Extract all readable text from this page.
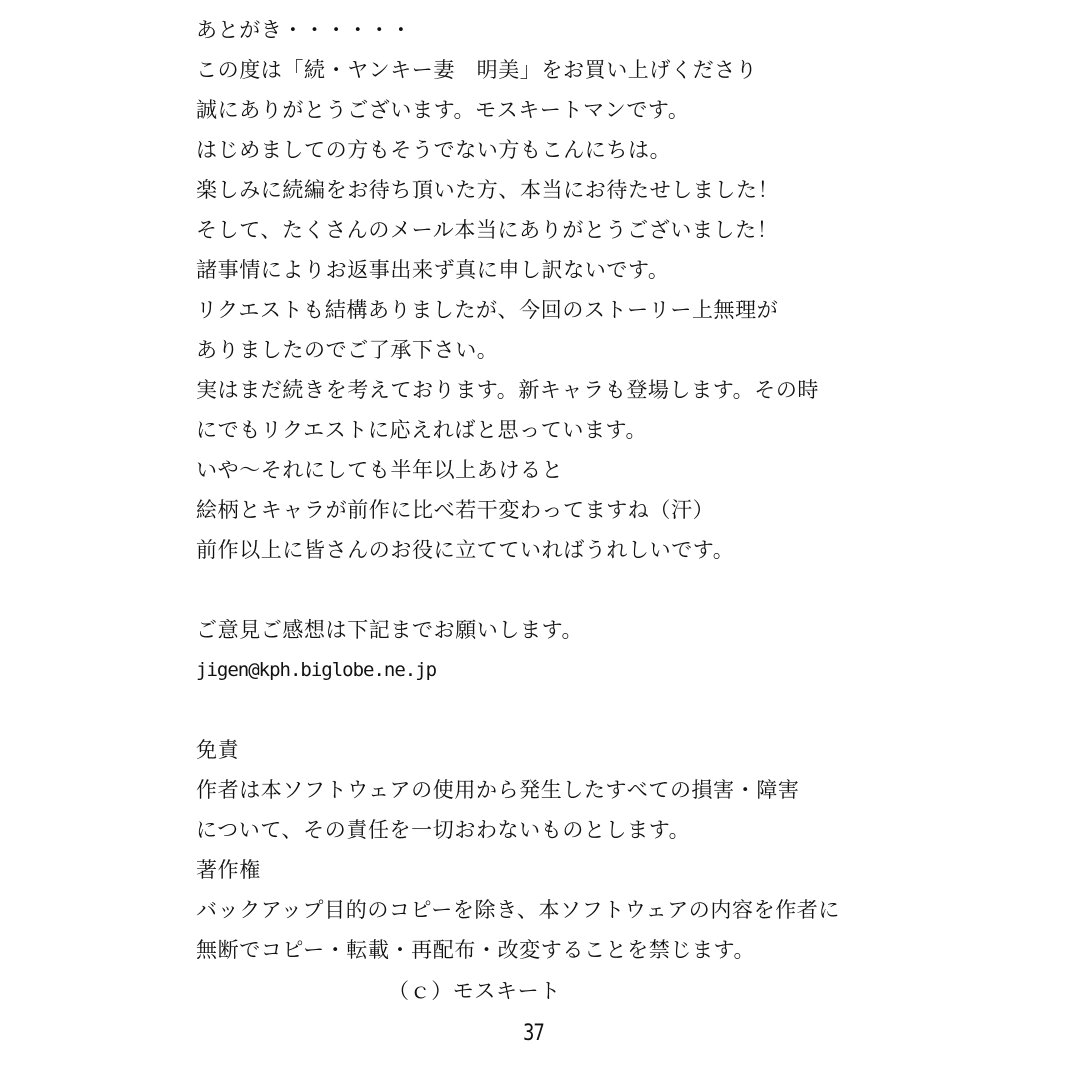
あとがき・・・・・・
この度は「続・ヤンキー妻　明美」をお買い上げくださり
誠にありがとうございます。モスキートマンです。
はじめましての方もそうでない方もこんにちは。
楽しみに続編をお待ち頂いた方、本当にお待たせしました！
そして、たくさんのメール本当にありがとうございました！
諸事情によりお返事出来ず真に申し訳ないです。
リクエストも結構ありましたが、今回のストーリー上無理が
ありましたのでご了承下さい。
実はまだ続きを考えております。新キャラも登場します。その時
にでもリクエストに応えればと思っています。
いや～それにしても半年以上あけると
絵柄とキャラが前作に比べ若干変わってますね（汗）
前作以上に皆さんのお役に立てていればうれしいです。
ご意見ご感想は下記までお願いします。
jigen@kph.biglobe.ne.jp
免責
作者は本ソフトウェアの使用から発生したすべての損害・障害
について、その責任を一切おわないものとします。
著作権
バックアップ目的のコピーを除き、本ソフトウェアの内容を作者に
無断でコピー・転載・再配布・改変することを禁じます。
（ｃ）モスキート
37
